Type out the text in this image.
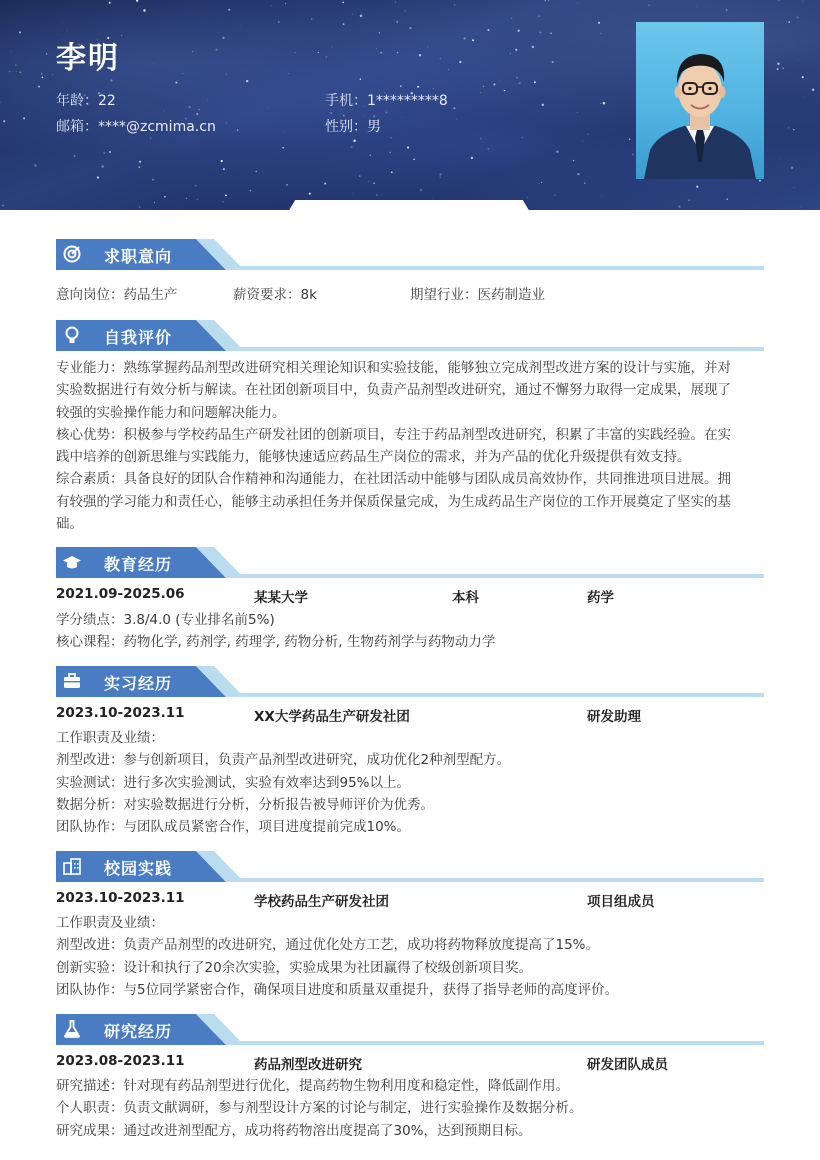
李明
年龄：22	手机：1*********8
邮箱：****@zcmima.cn	性别：男
求职意向
意向岗位：药品生产	薪资要求：8k	期望行业：医药制造业
自我评价
专业能力：熟练掌握药品剂型改进研究相关理论知识和实验技能，能够独立完成剂型改进方案的设计与实施，并对
实验数据进行有效分析与解读。在社团创新项目中，负责产品剂型改进研究，通过不懈努力取得一定成果，展现了
较强的实验操作能力和问题解决能力。
核心优势：积极参与学校药品生产研发社团的创新项目，专注于药品剂型改进研究，积累了丰富的实践经验。在实
践中培养的创新思维与实践能力，能够快速适应药品生产岗位的需求，并为产品的优化升级提供有效支持。
综合素质：具备良好的团队合作精神和沟通能力，在社团活动中能够与团队成员高效协作，共同推进项目进展。拥
有较强的学习能力和责任心，能够主动承担任务并保质保量完成，为生成药品生产岗位的工作开展奠定了坚实的基
础。
教育经历
2021.09-2025.06	某某大学	本科	药学
学分绩点：3.8/4.0 (专业排名前5%)
核心课程：药物化学, 药剂学, 药理学, 药物分析, 生物药剂学与药物动力学
实习经历
2023.10-2023.11	XX大学药品生产研发社团	研发助理
工作职责及业绩：
剂型改进：参与创新项目，负责产品剂型改进研究，成功优化2种剂型配方。
实验测试：进行多次实验测试，实验有效率达到95%以上。
数据分析：对实验数据进行分析，分析报告被导师评价为优秀。
团队协作：与团队成员紧密合作，项目进度提前完成10%。
校园实践
2023.10-2023.11	学校药品生产研发社团	项目组成员
工作职责及业绩：
剂型改进：负责产品剂型的改进研究，通过优化处方工艺，成功将药物释放度提高了15%。
创新实验：设计和执行了20余次实验，实验成果为社团赢得了校级创新项目奖。
团队协作：与5位同学紧密合作，确保项目进度和质量双重提升，获得了指导老师的高度评价。
研究经历
2023.08-2023.11	药品剂型改进研究	研发团队成员
研究描述：针对现有药品剂型进行优化，提高药物生物利用度和稳定性，降低副作用。
个人职责：负责文献调研，参与剂型设计方案的讨论与制定，进行实验操作及数据分析。
研究成果：通过改进剂型配方，成功将药物溶出度提高了30%，达到预期目标。
